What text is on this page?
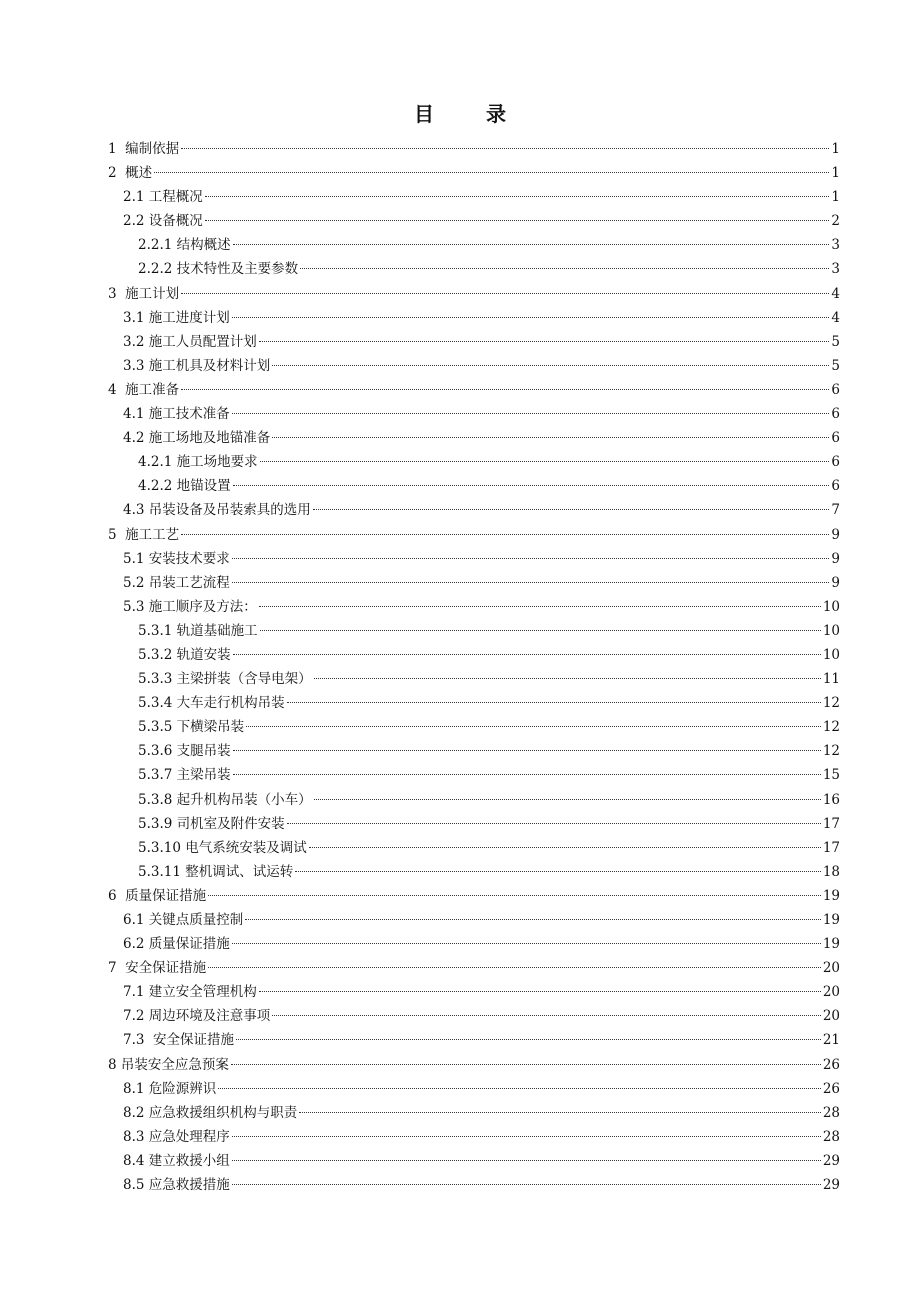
目　录
1  编制依据	1
2  概述	1
2.1 工程概况	1
2.2 设备概况	2
2.2.1 结构概述	3
2.2.2 技术特性及主要参数	3
3  施工计划	4
3.1 施工进度计划	4
3.2 施工人员配置计划	5
3.3 施工机具及材料计划	5
4  施工准备	6
4.1 施工技术准备	6
4.2 施工场地及地锚准备	6
4.2.1 施工场地要求	6
4.2.2 地锚设置	6
4.3 吊装设备及吊装索具的选用	7
5  施工工艺	9
5.1 安装技术要求	9
5.2 吊装工艺流程	9
5.3 施工顺序及方法：	10
5.3.1 轨道基础施工	10
5.3.2 轨道安装	10
5.3.3 主梁拼装（含导电架）	11
5.3.4 大车走行机构吊装	12
5.3.5 下横梁吊装	12
5.3.6 支腿吊装	12
5.3.7 主梁吊装	15
5.3.8 起升机构吊装（小车）	16
5.3.9 司机室及附件安装	17
5.3.10 电气系统安装及调试	17
5.3.11 整机调试、试运转	18
6  质量保证措施	19
6.1 关键点质量控制	19
6.2 质量保证措施	19
7  安全保证措施	20
7.1 建立安全管理机构	20
7.2 周边环境及注意事项	20
7.3  安全保证措施	21
8 吊装安全应急预案	26
8.1 危险源辨识	26
8.2 应急救援组织机构与职责	28
8.3 应急处理程序	28
8.4 建立救援小组	29
8.5 应急救援措施	29
